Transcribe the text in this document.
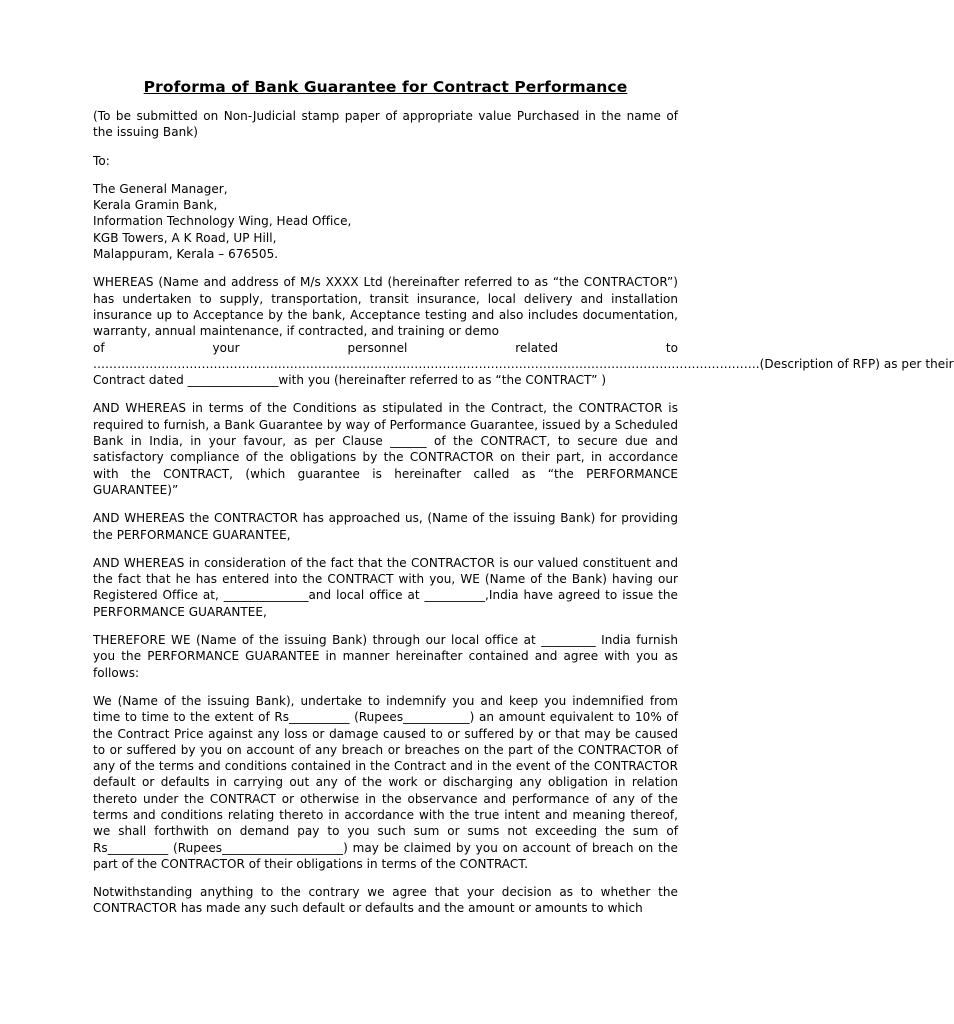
Proforma of Bank Guarantee for Contract Performance

(To be submitted on Non-Judicial stamp paper of appropriate value Purchased in the name of the issuing Bank)

To:

The General Manager,
Kerala Gramin Bank,
Information Technology Wing, Head Office,
KGB Towers, A K Road, UP Hill,
Malappuram, Kerala – 676505.

WHEREAS (Name and address of M/s XXXX Ltd (hereinafter referred to as “the CONTRACTOR”) has undertaken to supply, transportation, transit insurance, local delivery and installation insurance up to Acceptance by the bank, Acceptance testing and also includes documentation, warranty, annual maintenance, if contracted, and training or demo

of	your	personnel	related	to

………………………………………………………………………………………………………………………………………………….(Description of RFP) as per their

Contract dated _______________with you (hereinafter referred to as “the CONTRACT” )

AND WHEREAS in terms of the Conditions as stipulated in the Contract, the CONTRACTOR is required to furnish, a Bank Guarantee by way of Performance Guarantee, issued by a Scheduled Bank in India, in your favour, as per Clause ______ of the CONTRACT, to secure due and satisfactory compliance of the obligations by the CONTRACTOR on their part, in accordance with the CONTRACT, (which guarantee is hereinafter called as “the PERFORMANCE GUARANTEE)”

AND WHEREAS the CONTRACTOR has approached us, (Name of the issuing Bank) for providing the PERFORMANCE GUARANTEE,

AND WHEREAS in consideration of the fact that the CONTRACTOR is our valued constituent and the fact that he has entered into the CONTRACT with you, WE (Name of the Bank) having our Registered Office at, ______________and local office at __________,India have agreed to issue the PERFORMANCE GUARANTEE,

THEREFORE WE (Name of the issuing Bank) through our local office at _________ India furnish you the PERFORMANCE GUARANTEE in manner hereinafter contained and agree with you as follows:

We (Name of the issuing Bank), undertake to indemnify you and keep you indemnified from time to time to the extent of Rs__________ (Rupees___________) an amount equivalent to 10% of the Contract Price against any loss or damage caused to or suffered by or that may be caused to or suffered by you on account of any breach or breaches on the part of the CONTRACTOR of any of the terms and conditions contained in the Contract and in the event of the CONTRACTOR default or defaults in carrying out any of the work or discharging any obligation in relation thereto under the CONTRACT or otherwise in the observance and performance of any of the terms and conditions relating thereto in accordance with the true intent and meaning thereof, we shall forthwith on demand pay to you such sum or sums not exceeding the sum of Rs__________ (Rupees____________________) may be claimed by you on account of breach on the part of the CONTRACTOR of their obligations in terms of the CONTRACT.

Notwithstanding anything to the contrary we agree that your decision as to whether the CONTRACTOR has made any such default or defaults and the amount or amounts to which
